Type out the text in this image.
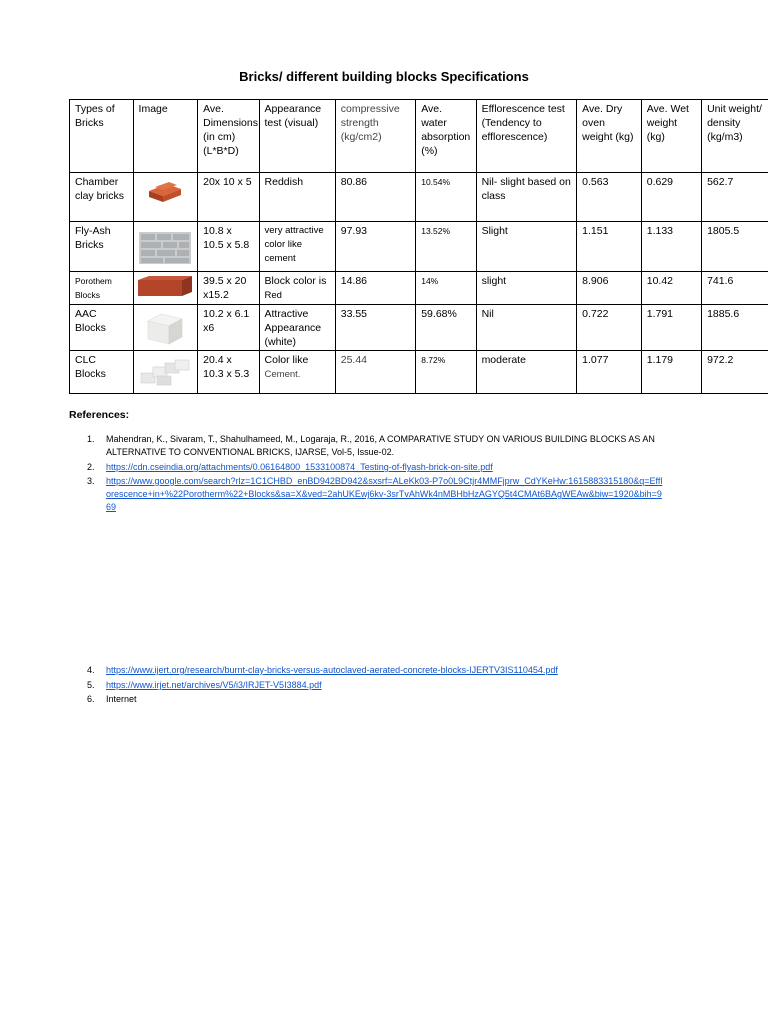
Bricks/ different building blocks Specifications
Types of Bricks	Image	Ave. Dimensions (in cm) (L*B*D)	Appearance test (visual)	compressive strength (kg/cm2)	Ave. water absorption (%)	Efflorescence test (Tendency to efflorescence)	Ave. Dry oven weight (kg)	Ave. Wet weight (kg)	Unit weight/ density (kg/m3)
Chamber clay bricks		20x 10 x 5	Reddish	80.86	10.54%	Nil- slight based on class	0.563	0.629	562.7
Fly-Ash Bricks		10.8 x 10.5 x 5.8	very attractive color like cement	97.93	13.52%	Slight	1.151	1.133	1805.5
Porothem Blocks		39.5 x 20 x15.2	Block color is Red	14.86	14%	slight	8.906	10.42	741.6
AAC Blocks		10.2 x 6.1 x6	Attractive Appearance (white)	33.55	59.68%	Nil	0.722	1.791	1885.6
CLC Blocks		20.4 x 10.3 x 5.3	Color like Cement.	25.44	8.72%	moderate	1.077	1.179	972.2
References:
1. Mahendran, K., Sivaram, T., Shahulhameed, M., Logaraja, R., 2016, A COMPARATIVE STUDY ON VARIOUS BUILDING BLOCKS AS AN ALTERNATIVE TO CONVENTIONAL BRICKS, IJARSE, Vol-5, Issue-02.
2. https://cdn.cseindia.org/attachments/0.06164800_1533100874_Testing-of-flyash-brick-on-site.pdf
3. https://www.google.com/search?rlz=1C1CHBD_enBD942BD942&sxsrf=ALeKk03-P7o0L9Ctjr4MMFjprw_CdYKeHw:1615883315180&q=Efflorescence+in+%22Porotherm%22+Blocks&sa=X&ved=2ahUKEwj6kv-3srTvAhWk4nMBHbHzAGYQ5t4CMAt6BAgWEAw&biw=1920&bih=969
4. https://www.ijert.org/research/burnt-clay-bricks-versus-autoclaved-aerated-concrete-blocks-IJERTV3IS110454.pdf
5. https://www.irjet.net/archives/V5/i3/IRJET-V5I3884.pdf
6. Internet
